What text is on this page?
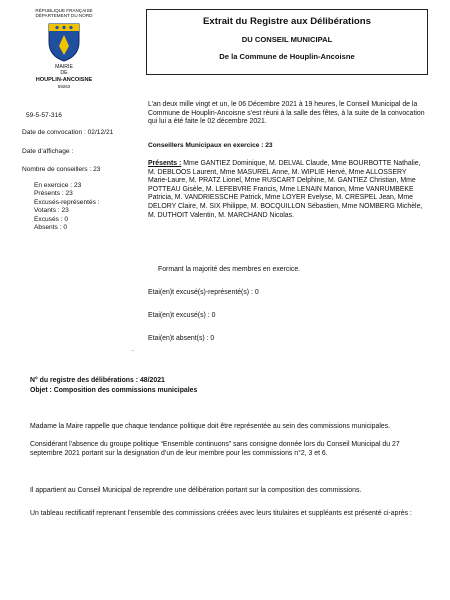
RÉPUBLIQUE FRANÇAISE
DÉPARTEMENT DU NORD
MAIRIE
DE
HOUPLIN-ANCOISNE
59263
Extrait du Registre aux Délibérations
DU CONSEIL MUNICIPAL
De la Commune de Houplin-Ancoisne
59-5-57-316
Date de convocation : 02/12/21
Date d’affichage :
Nombre de conseillers : 23
En exercice : 23
Présents : 23
Excusés-représentés :
Votants : 23
Excusés : 0
Absents : 0
L’an deux mille vingt et un, le 06 Décembre 2021 à 19 heures, le Conseil Municipal de la Commune de Houplin-Ancoisne s’est réuni à la salle des fêtes, à la suite de la convocation qui lui a été faite le 02 décembre 2021.
Conseillers Municipaux en exercice : 23
Présents : Mme GANTIEZ Dominique, M. DELVAL Claude, Mme BOURBOTTE Nathalie, M. DEBLOOS Laurent, Mme MASUREL Anne, M. WIPLIE Hervé, Mme ALLOSSERY Marie-Laure, M. PRATZ Lionel, Mme RUSCART Delphine, M. GANTIEZ Christian, Mme POTTEAU Gisèle, M. LEFEBVRE Francis, Mme LENAIN Manon, Mme VANRUMBEKE Patricia, M. VANDRIESSCHE Patrick, Mme LOYER Evelyse, M. CRESPEL Jean, Mme DELORY Claire, M. SIX Philippe, M. BOCQUILLON Sébastien, Mme NOMBERG Michèle, M. DUTHOIT Valentin, M. MARCHAND Nicolas.
Formant la majorité des membres en exercice.
Etai(en)t excusé(s)-représenté(s) : 0
Etai(en)t excusé(s) : 0
Etai(en)t absent(s) : 0
.
N° du registre des délibérations : 48/2021
Objet : Composition des commissions municipales
Madame la Maire rappelle que chaque tendance politique doit être représentée au sein des commissions municipales.
Considérant l’absence du groupe politique “Ensemble continuons” sans consigne donnée lors du Conseil Municipal du 27 septembre 2021 portant sur la designation d’un de leur membre pour les commissions n°2, 3 et 6.
Il appartient au Conseil Municipal de reprendre une délibération portant sur la composition des commissions.
Un tableau rectificatif reprenant l’ensemble des commissions créées avec leurs titulaires et suppléants est présenté ci-après :
